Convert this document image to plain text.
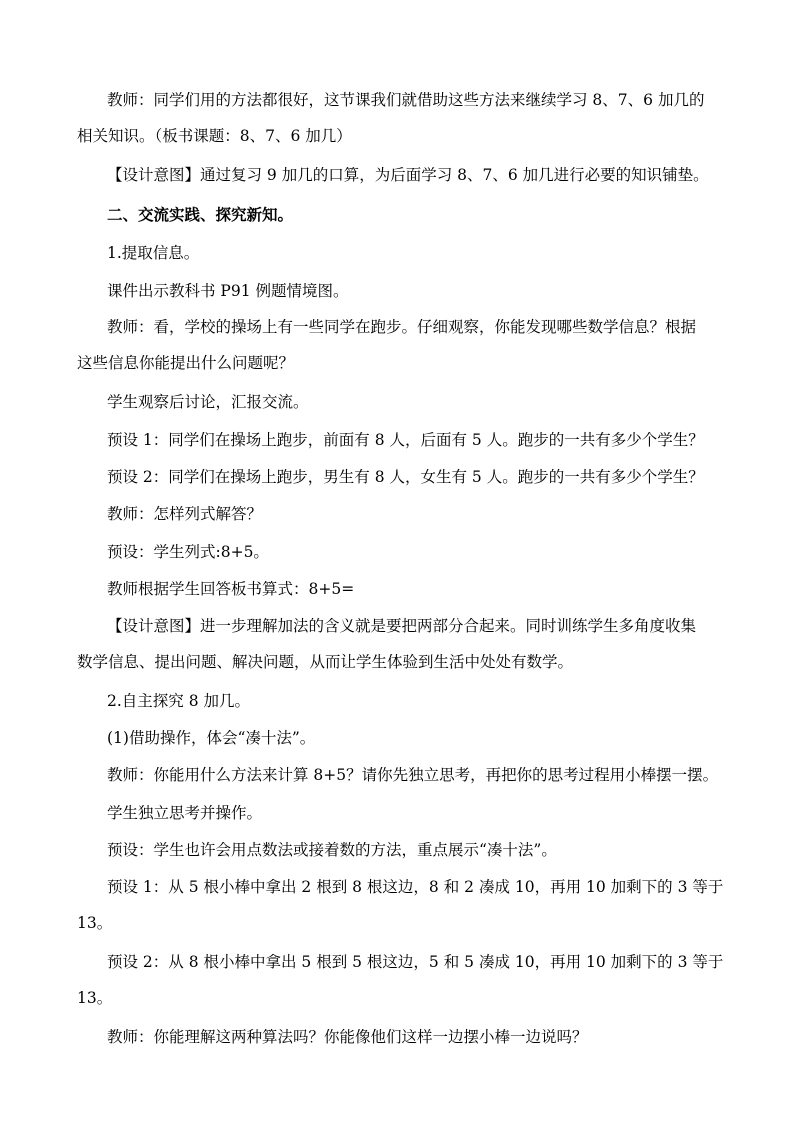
教师：同学们用的方法都很好，这节课我们就借助这些方法来继续学习 8、7、6 加几的
相关知识。（板书课题：8、7、6 加几）
【设计意图】通过复习 9 加几的口算，为后面学习 8、7、6 加几进行必要的知识铺垫。
二、交流实践、探究新知。
1.提取信息。
课件出示教科书 P91 例题情境图。
教师：看，学校的操场上有一些同学在跑步。仔细观察，你能发现哪些数学信息？根据
这些信息你能提出什么问题呢？
学生观察后讨论，汇报交流。
预设 1：同学们在操场上跑步，前面有 8 人，后面有 5 人。跑步的一共有多少个学生？
预设 2：同学们在操场上跑步，男生有 8 人，女生有 5 人。跑步的一共有多少个学生？
教师：怎样列式解答？
预设：学生列式:8+5。
教师根据学生回答板书算式：8+5=
【设计意图】进一步理解加法的含义就是要把两部分合起来。同时训练学生多角度收集
数学信息、提出问题、解决问题，从而让学生体验到生活中处处有数学。
2.自主探究 8 加几。
(1)借助操作，体会“凑十法”。
教师：你能用什么方法来计算 8+5？请你先独立思考，再把你的思考过程用小棒摆一摆。
学生独立思考并操作。
预设：学生也许会用点数法或接着数的方法，重点展示“凑十法”。
预设 1：从 5 根小棒中拿出 2 根到 8 根这边，8 和 2 凑成 10，再用 10 加剩下的 3 等于
13。
预设 2：从 8 根小棒中拿出 5 根到 5 根这边，5 和 5 凑成 10，再用 10 加剩下的 3 等于
13。
教师：你能理解这两种算法吗？你能像他们这样一边摆小棒一边说吗？
